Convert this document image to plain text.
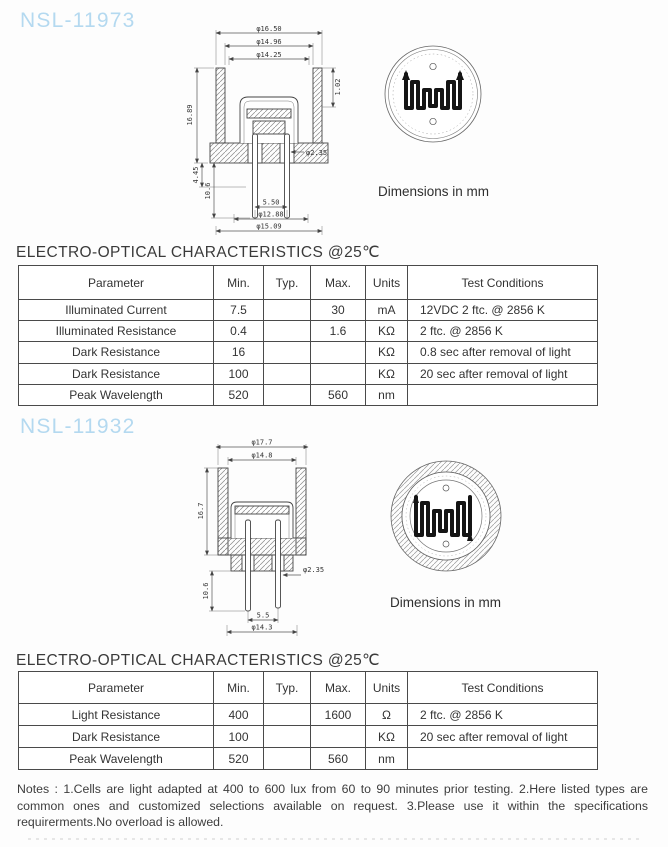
NSL-11973	φ16.50
φ14.96
φ14.25
1.02
16.89
4.45
10.6
φ2.35
5.50
φ12.88
φ15.09
Dimensions in mm
ELECTRO-OPTICAL CHARACTERISTICS @25℃
Parameter	Min.	Typ.	Max.	Units	Test Conditions
Illuminated Current	7.5		30	mA	12VDC 2 ftc. @ 2856 K
Illuminated Resistance	0.4		1.6	KΩ	2 ftc. @ 2856 K
Dark Resistance	16			KΩ	0.8 sec after removal of light
Dark Resistance	100			KΩ	20 sec after removal of light
Peak Wavelength	520		560	nm	
NSL-11932
φ17.7
φ14.8
16.7
10.6
φ2.35
5.5
φ14.3
Dimensions in mm
ELECTRO-OPTICAL CHARACTERISTICS @25℃
Parameter	Min.	Typ.	Max.	Units	Test Conditions
Light Resistance	400		1600	Ω	2 ftc. @ 2856 K
Dark Resistance	100			KΩ	20 sec after removal of light
Peak Wavelength	520		560	nm	
Notes : 1.Cells are light adapted at 400 to 600 lux from 60 to 90 minutes prior testing. 2.Here listed types are common ones and customized selections available on request. 3.Please use it within the specifications requirerments.No overload is allowed.
